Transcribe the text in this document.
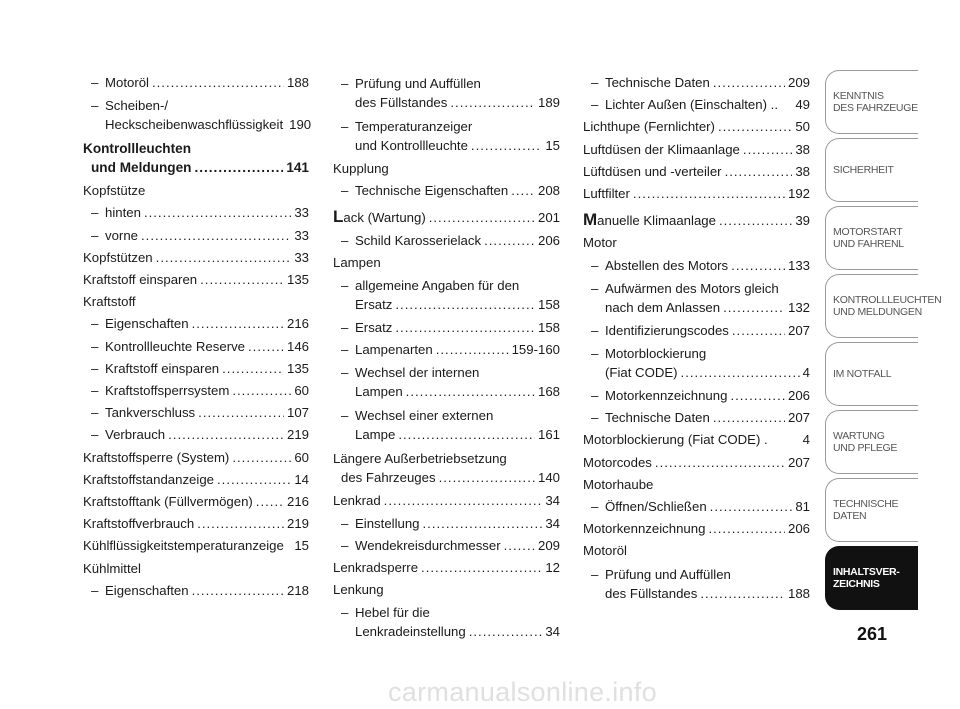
– Motoröl .....	188
– Scheiben-/
Heckscheibenwaschflüssigkeit 190
Kontrollleuchten
und Meldungen .....	141
Kopfstütze
– hinten .....	33
– vorne .....	33
Kopfstützen .....	33
Kraftstoff einsparen .....	135
Kraftstoff
– Eigenschaften .....	216
– Kontrollleuchte Reserve .....	146
– Kraftstoff einsparen .....	135
– Kraftstoffsperrsystem .....	60
– Tankverschluss .....	107
– Verbrauch .....	219
Kraftstoffsperre (System) .....	60
Kraftstoffstandanzeige .....	14
Kraftstofftank (Füllvermögen) .....	216
Kraftstoffverbrauch .....	219
Kühlflüssigkeitstemperaturanzeige 15
Kühlmittel
– Eigenschaften .....	218
– Prüfung und Auffüllen
des Füllstandes .....	189
– Temperaturanzeiger
und Kontrollleuchte .....	15
Kupplung
– Technische Eigenschaften ..... 208
Lack (Wartung) .....	201
– Schild Karosserielack .....	206
Lampen
– allgemeine Angaben für den
Ersatz .....	158
– Ersatz .....	158
– Lampenarten .....	159-160
– Wechsel der internen
Lampen .....	168
– Wechsel einer externen
Lampe .....	161
Längere Außerbetriebsetzung
des Fahrzeuges .....	140
Lenkrad .....	34
– Einstellung .....	34
– Wendekreisdurchmesser .....	209
Lenkradsperre .....	12
Lenkung
– Hebel für die
Lenkradeinstellung .....	34
– Technische Daten .....	209
– Lichter Außen (Einschalten) .. 49
Lichthupe (Fernlichter) .....	50
Luftdüsen der Klimaanlage .....	38
Lüftdüsen und -verteiler .....	38
Luftfilter .....	192
Manuelle Klimaanlage .....	39
Motor
– Abstellen des Motors .....	133
– Aufwärmen des Motors gleich
nach dem Anlassen .....	132
– Identifizierungscodes .....	207
– Motorblockierung
(Fiat CODE) .....	4
– Motorkennzeichnung .....	206
– Technische Daten .....	207
Motorblockierung (Fiat CODE) .	4
Motorcodes .....	207
Motorhaube
– Öffnen/Schließen .....	81
Motorkennzeichnung .....	206
Motoröl
– Prüfung und Auffüllen
des Füllstandes .....	188
KENNTNIS
DES FAHRZEUGE
SICHERHEIT
MOTORSTART
UND FAHRENL
KONTROLLLEUCHTEN
UND MELDUNGEN
IM NOTFALL
WARTUNG
UND PFLEGE
TECHNISCHE
DATEN
INHALTSVER-
ZEICHNIS
261
carmanualsonline.info
